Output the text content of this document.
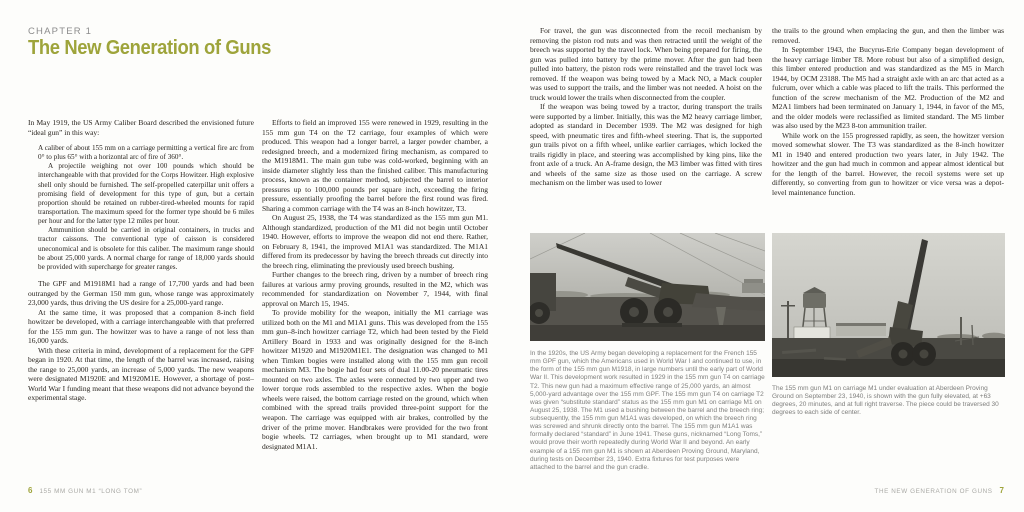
CHAPTER 1
The New Generation of Guns

In May 1919, the US Army Caliber Board described the envisioned future “ideal gun” in this way:

A caliber of about 155 mm on a carriage permitting a vertical fire arc from 0° to plus 65° with a horizontal arc of fire of 360°.

A projectile weighing not over 100 pounds which should be interchangeable with that provided for the Corps Howitzer. High explosive shell only should be furnished. The self-propelled caterpillar unit offers a promising field of development for this type of gun, but a certain proportion should be retained on rubber-tired-wheeled mounts for rapid transportation. The maximum speed for the former type should be 6 miles per hour and for the latter type 12 miles per hour.

Ammunition should be carried in original containers, in trucks and tractor caissons. The conventional type of caisson is considered uneconomical and is obsolete for this caliber. The maximum range should be about 25,000 yards. A normal charge for range of 18,000 yards should be provided with supercharge for greater ranges.

The GPF and M1918M1 had a range of 17,700 yards and had been outranged by the German 150 mm gun, whose range was approximately 23,000 yards, thus driving the US desire for a 25,000-yard range.

At the same time, it was proposed that a companion 8-inch field howitzer be developed, with a carriage interchangeable with that preferred for the 155 mm gun. The howitzer was to have a range of not less than 16,000 yards.

With these criteria in mind, development of a replacement for the GPF began in 1920. At that time, the length of the barrel was increased, raising the range to 25,000 yards, an increase of 5,000 yards. The new weapons were designated M1920E and M1920M1E. However, a shortage of post–World War I funding meant that these weapons did not advance beyond the experimental stage.

Efforts to field an improved 155 were renewed in 1929, resulting in the 155 mm gun T4 on the T2 carriage, four examples of which were produced. This weapon had a longer barrel, a larger powder chamber, a redesigned breech, and a modernized firing mechanism, as compared to the M1918M1. The main gun tube was cold-worked, beginning with an inside diameter slightly less than the finished caliber. This manufacturing process, known as the container method, subjected the barrel to interior pressures up to 100,000 pounds per square inch, exceeding the firing pressure, essentially proofing the barrel before the first round was fired. Sharing a common carriage with the T4 was an 8-inch howitzer, T3.

On August 25, 1938, the T4 was standardized as the 155 mm gun M1. Although standardized, production of the M1 did not begin until October 1940. However, efforts to improve the weapon did not end there. Rather, on February 8, 1941, the improved M1A1 was standardized. The M1A1 differed from its predecessor by having the breech threads cut directly into the breech ring, eliminating the previously used breech bushing.

Further changes to the breech ring, driven by a number of breech ring failures at various army proving grounds, resulted in the M2, which was recommended for standardization on November 7, 1944, with final approval on March 15, 1945.

To provide mobility for the weapon, initially the M1 carriage was utilized both on the M1 and M1A1 guns. This was developed from the 155 mm gun–8-inch howitzer carriage T2, which had been tested by the Field Artillery Board in 1933 and was originally designed for the 8-inch howitzer M1920 and M1920M1E1. The designation was changed to M1 when Timken bogies were installed along with the 155 mm gun recoil mechanism M3. The bogie had four sets of dual 11.00-20 pneumatic tires mounted on two axles. The axles were connected by two upper and two lower torque rods assembled to the respective axles. When the bogie wheels were raised, the bottom carriage rested on the ground, which when combined with the spread trails provided three-point support for the weapon. The carriage was equipped with air brakes, controlled by the driver of the prime mover. Handbrakes were provided for the two front bogie wheels. T2 carriages, when brought up to M1 standard, were designated M1A1.

For travel, the gun was disconnected from the recoil mechanism by removing the piston rod nuts and was then retracted until the weight of the breech was supported by the travel lock. When being prepared for firing, the gun was pulled into battery by the prime mover. After the gun had been pulled into battery, the piston rods were reinstalled and the travel lock was removed. If the weapon was being towed by a Mack NO, a Mack coupler was used to support the trails, and the limber was not needed. A hoist on the truck would lower the trails when disconnected from the coupler.

If the weapon was being towed by a tractor, during transport the trails were supported by a limber. Initially, this was the M2 heavy carriage limber, adopted as standard in December 1939. The M2 was designed for high speed, with pneumatic tires and fifth-wheel steering. That is, the supported gun trails pivot on a fifth wheel, unlike earlier carriages, which locked the trails rigidly in place, and steering was accomplished by king pins, like the front axle of a truck. An A-frame design, the M3 limber was fitted with tires and wheels of the same size as those used on the carriage. A screw mechanism on the limber was used to lower

the trails to the ground when emplacing the gun, and then the limber was removed.

In September 1943, the Bucyrus-Erie Company began development of the heavy carriage limber T8. More robust but also of a simplified design, this limber entered production and was standardized as the M5 in March 1944, by OCM 23188. The M5 had a straight axle with an arc that acted as a fulcrum, over which a cable was placed to lift the trails. This performed the function of the screw mechanism of the M2. Production of the M2 and M2A1 limbers had been terminated on January 1, 1944, in favor of the M5, and the older models were reclassified as limited standard. The M5 limber was also used by the M23 8-ton ammunition trailer.

While work on the 155 progressed rapidly, as seen, the howitzer version moved somewhat slower. The T3 was standardized as the 8-inch howitzer M1 in 1940 and entered production two years later, in July 1942. The howitzer and the gun had much in common and appear almost identical but for the length of the barrel. However, the recoil systems were set up differently, so converting from gun to howitzer or vice versa was a depot-level maintenance function.

In the 1920s, the US Army began developing a replacement for the French 155 mm GPF gun, which the Americans used in World War I and continued to use, in the form of the 155 mm gun M1918, in large numbers until the early part of World War II. This development work resulted in 1929 in the 155 mm gun T4 on carriage T2. This new gun had a maximum effective range of 25,000 yards, an almost 5,000-yard advantage over the 155 mm GPF. The 155 mm gun T4 on carriage T2 was given “substitute standard” status as the 155 mm gun M1 on carriage M1 on August 25, 1938. The M1 used a bushing between the barrel and the breech ring; subsequently, the 155 mm gun M1A1 was developed, on which the breech ring was screwed and shrunk directly onto the barrel. The 155 mm gun M1A1 was formally declared “standard” in June 1941. These guns, nicknamed “Long Toms,” would prove their worth repeatedly during World War II and beyond. An early example of a 155 mm gun M1 is shown at Aberdeen Proving Ground, Maryland, during tests on December 23, 1940. Extra fixtures for test purposes were attached to the barrel and the gun cradle.
The 155 mm gun M1 on carriage M1 under evaluation at Aberdeen Proving Ground on September 23, 1940, is shown with the gun fully elevated, at +63 degrees, 20 minutes, and at full right traverse. The piece could be traversed 30 degrees to each side of center.
6 155 MM GUN M1 “LONG TOM”	THE NEW GENERATION OF GUNS 7
